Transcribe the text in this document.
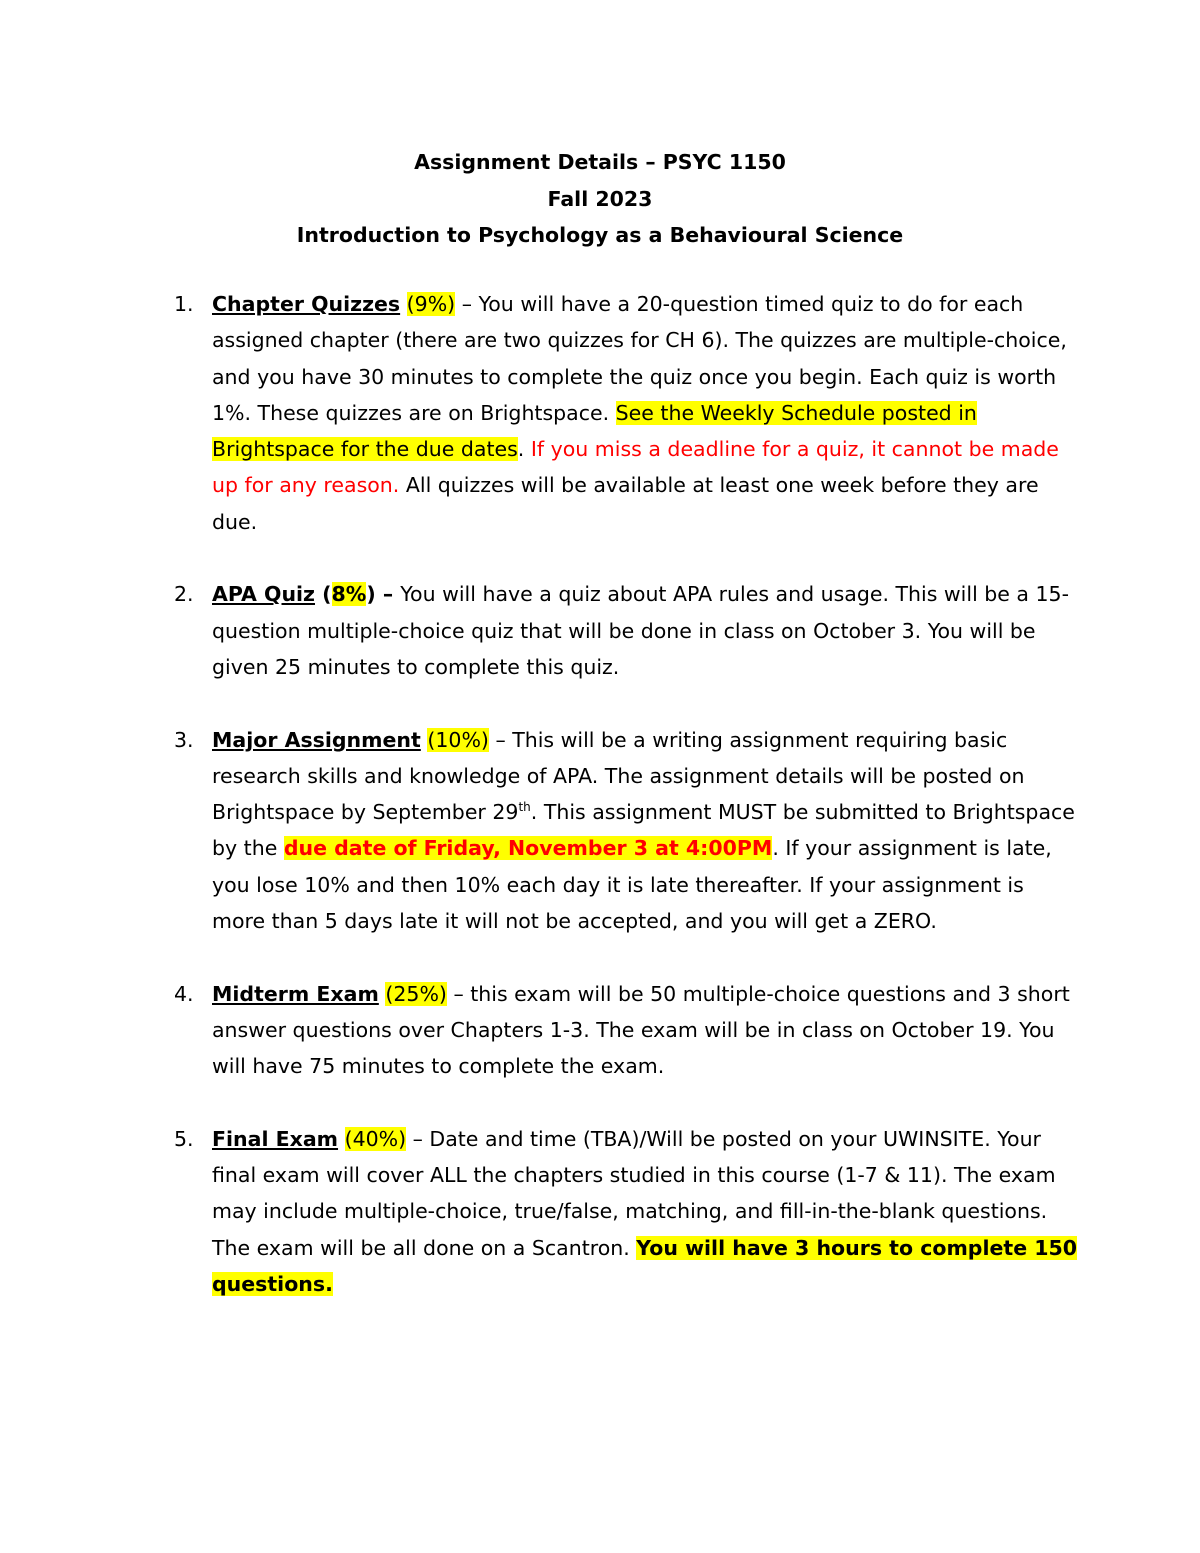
Assignment Details – PSYC 1150
Fall 2023
Introduction to Psychology as a Behavioural Science
1. Chapter Quizzes (9%) – You will have a 20-question timed quiz to do for each assigned chapter (there are two quizzes for CH 6). The quizzes are multiple-choice, and you have 30 minutes to complete the quiz once you begin. Each quiz is worth 1%. These quizzes are on Brightspace. See the Weekly Schedule posted in Brightspace for the due dates. If you miss a deadline for a quiz, it cannot be made up for any reason. All quizzes will be available at least one week before they are due.
2. APA Quiz (8%) – You will have a quiz about APA rules and usage. This will be a 15-question multiple-choice quiz that will be done in class on October 3. You will be given 25 minutes to complete this quiz.
3. Major Assignment (10%) – This will be a writing assignment requiring basic research skills and knowledge of APA. The assignment details will be posted on Brightspace by September 29th. This assignment MUST be submitted to Brightspace by the due date of Friday, November 3 at 4:00PM. If your assignment is late, you lose 10% and then 10% each day it is late thereafter. If your assignment is more than 5 days late it will not be accepted, and you will get a ZERO.
4. Midterm Exam (25%) – this exam will be 50 multiple-choice questions and 3 short answer questions over Chapters 1-3. The exam will be in class on October 19. You will have 75 minutes to complete the exam.
5. Final Exam (40%) – Date and time (TBA)/Will be posted on your UWINSITE. Your final exam will cover ALL the chapters studied in this course (1-7 & 11). The exam may include multiple-choice, true/false, matching, and fill-in-the-blank questions. The exam will be all done on a Scantron. You will have 3 hours to complete 150 questions.
